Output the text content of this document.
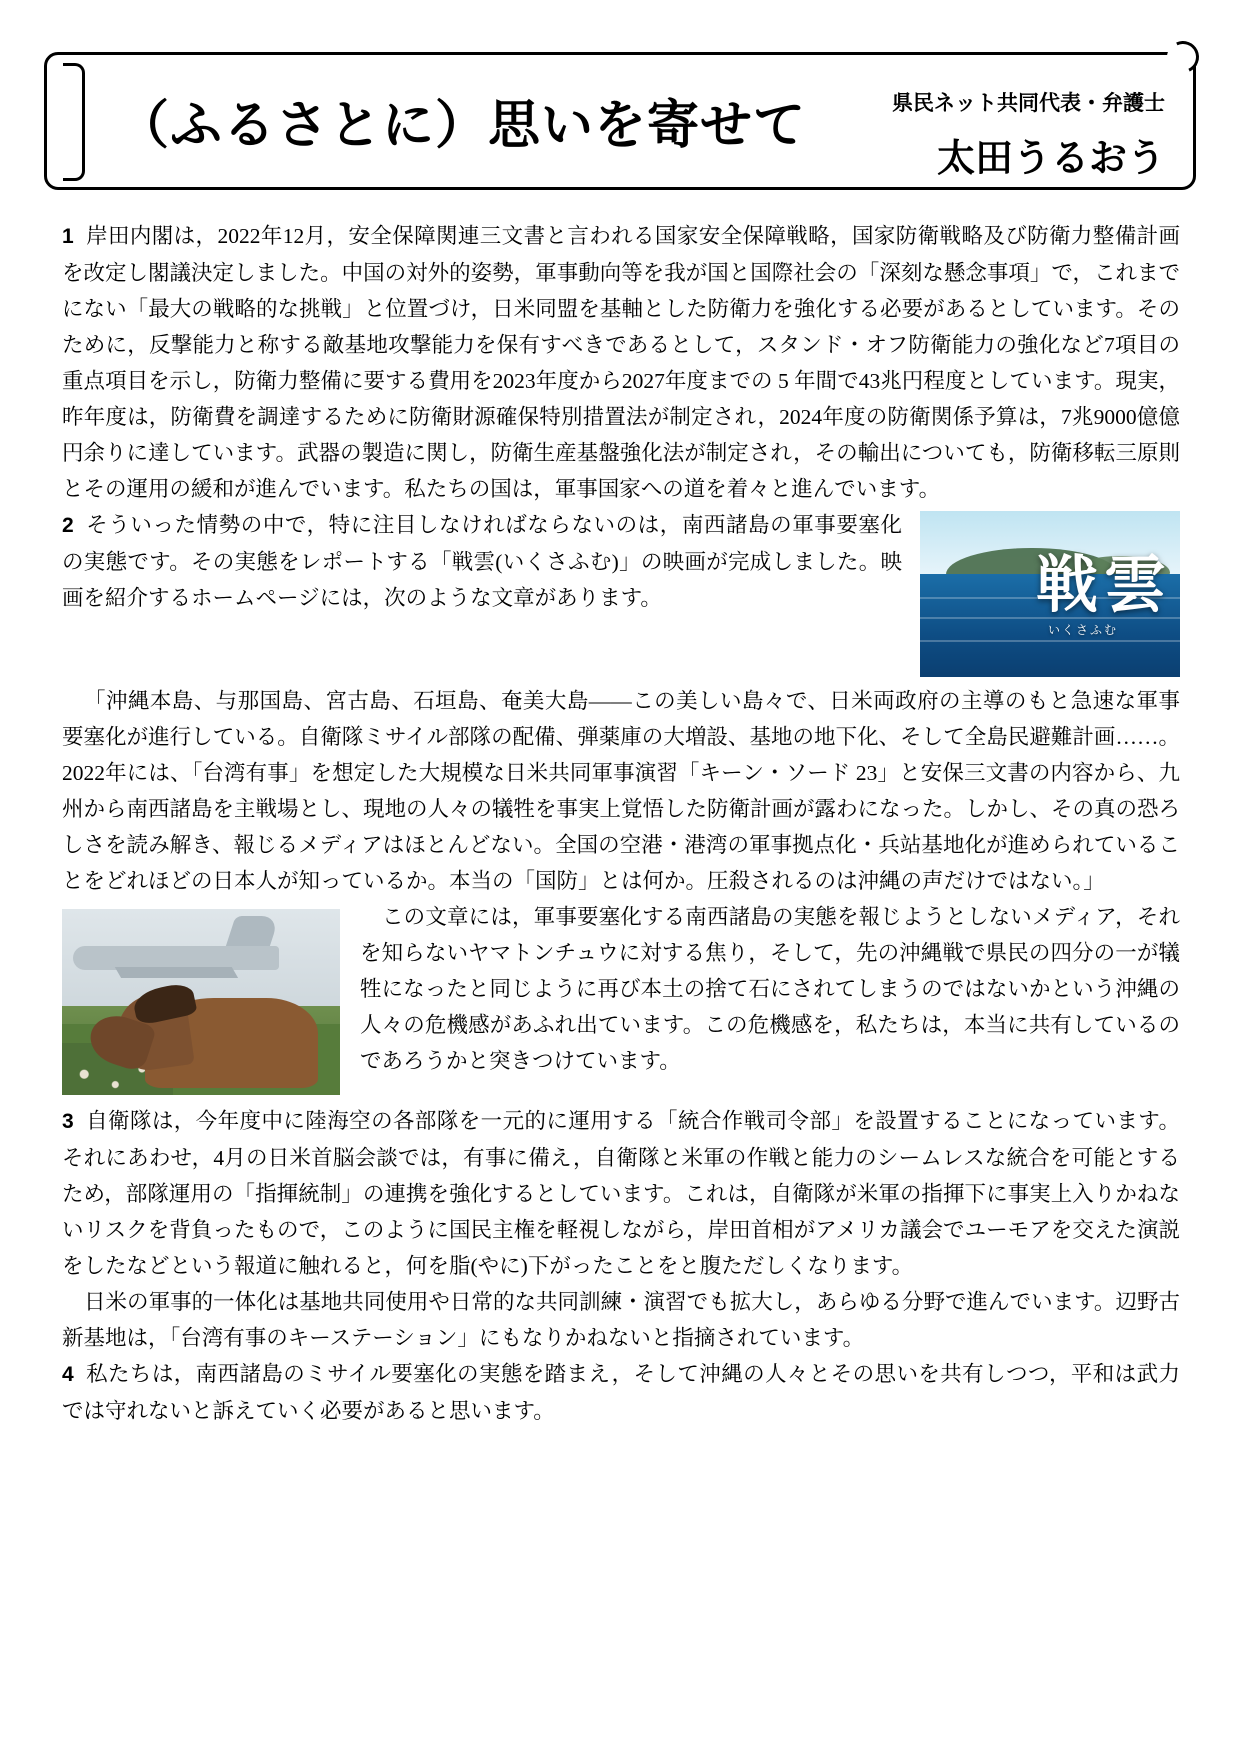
（ふるさとに）思いを寄せて	県民ネット共同代表・弁護士
太田うるおう

1 岸田内閣は，2022年12月，安全保障関連三文書と言われる国家安全保障戦略，国家防衛戦略及び防衛力整備計画を改定し閣議決定しました。中国の対外的姿勢，軍事動向等を我が国と国際社会の「深刻な懸念事項」で，これまでにない「最大の戦略的な挑戦」と位置づけ，日米同盟を基軸とした防衛力を強化する必要があるとしています。そのために，反撃能力と称する敵基地攻撃能力を保有すべきであるとして，スタンド・オフ防衛能力の強化など7項目の重点項目を示し，防衛力整備に要する費用を2023年度から2027年度までの 5 年間で43兆円程度としています。現実，昨年度は，防衛費を調達するために防衛財源確保特別措置法が制定され，2024年度の防衛関係予算は，7兆9000億億円余りに達しています。武器の製造に関し，防衛生産基盤強化法が制定され，その輸出についても，防衛移転三原則とその運用の緩和が進んでいます。私たちの国は，軍事国家への道を着々と進んでいます。

戦雲
いくさふむ

2 そういった情勢の中で，特に注目しなければならないのは，南西諸島の軍事要塞化の実態です。その実態をレポートする「戦雲(いくさふむ)」の映画が完成しました。映画を紹介するホームページには，次のような文章があります。

「沖縄本島、与那国島、宮古島、石垣島、奄美大島——この美しい島々で、日米両政府の主導のもと急速な軍事要塞化が進行している。自衛隊ミサイル部隊の配備、弾薬庫の大増設、基地の地下化、そして全島民避難計画……。2022年には、「台湾有事」を想定した大規模な日米共同軍事演習「キーン・ソード 23」と安保三文書の内容から、九州から南西諸島を主戦場とし、現地の人々の犠牲を事実上覚悟した防衛計画が露わになった。しかし、その真の恐ろしさを読み解き、報じるメディアはほとんどない。全国の空港・港湾の軍事拠点化・兵站基地化が進められていることをどれほどの日本人が知っているか。本当の「国防」とは何か。圧殺されるのは沖縄の声だけではない。」

この文章には，軍事要塞化する南西諸島の実態を報じようとしないメディア，それを知らないヤマトンチュウに対する焦り，そして，先の沖縄戦で県民の四分の一が犠牲になったと同じように再び本土の捨て石にされてしまうのではないかという沖縄の人々の危機感があふれ出ています。この危機感を，私たちは，本当に共有しているのであろうかと突きつけています。

3 自衛隊は，今年度中に陸海空の各部隊を一元的に運用する「統合作戦司令部」を設置することになっています。それにあわせ，4月の日米首脳会談では，有事に備え，自衛隊と米軍の作戦と能力のシームレスな統合を可能とするため，部隊運用の「指揮統制」の連携を強化するとしています。これは，自衛隊が米軍の指揮下に事実上入りかねないリスクを背負ったもので，このように国民主権を軽視しながら，岸田首相がアメリカ議会でユーモアを交えた演説をしたなどという報道に触れると，何を脂(やに)下がったことをと腹ただしくなります。

日米の軍事的一体化は基地共同使用や日常的な共同訓練・演習でも拡大し，あらゆる分野で進んでいます。辺野古新基地は，「台湾有事のキーステーション」にもなりかねないと指摘されています。

4 私たちは，南西諸島のミサイル要塞化の実態を踏まえ，そして沖縄の人々とその思いを共有しつつ，平和は武力では守れないと訴えていく必要があると思います。
